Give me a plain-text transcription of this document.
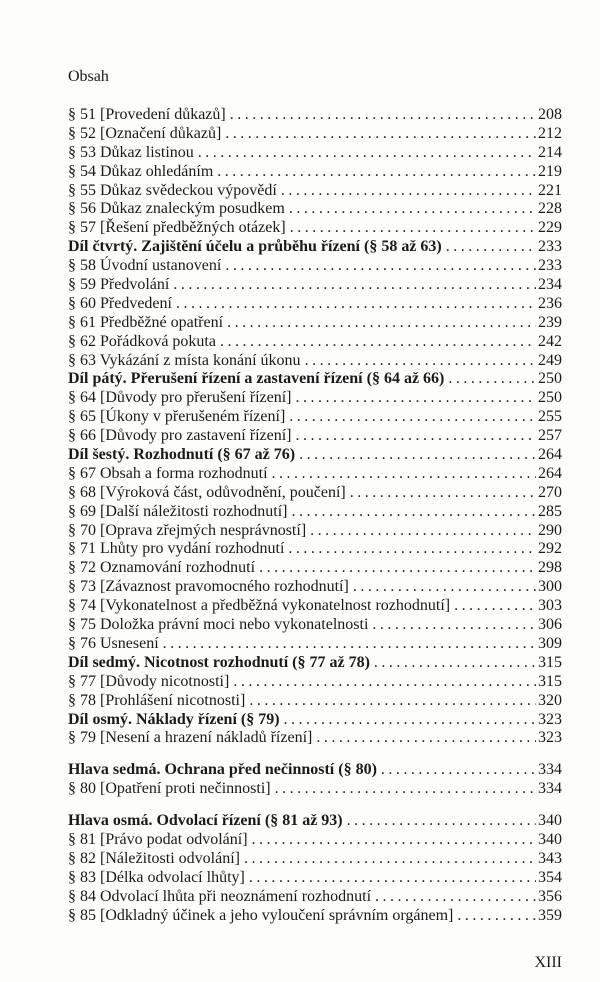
Obsah
§ 51 [Provedení důkazů] . . .	208
§ 52 [Označení důkazů] . . .	212
§ 53 Důkaz listinou . . .	214
§ 54 Důkaz ohledáním . . .	219
§ 55 Důkaz svědeckou výpovědí . . .	221
§ 56 Důkaz znaleckým posudkem . . .	228
§ 57 [Řešení předběžných otázek] . . .	229
Díl čtvrtý. Zajištění účelu a průběhu řízení (§ 58 až 63) . . .	233
§ 58 Úvodní ustanovení . . .	233
§ 59 Předvolání . . .	234
§ 60 Předvedení . . .	236
§ 61 Předběžné opatření . . .	239
§ 62 Pořádková pokuta . . .	242
§ 63 Vykázání z místa konání úkonu . . .	249
Díl pátý. Přerušení řízení a zastavení řízení (§ 64 až 66) . . .	250
§ 64 [Důvody pro přerušení řízení] . . .	250
§ 65 [Úkony v přerušeném řízení] . . .	255
§ 66 [Důvody pro zastavení řízení] . . .	257
Díl šestý. Rozhodnutí (§ 67 až 76) . . .	264
§ 67 Obsah a forma rozhodnutí . . .	264
§ 68 [Výroková část, odůvodnění, poučení] . . .	270
§ 69 [Další náležitosti rozhodnutí] . . .	285
§ 70 [Oprava zřejmých nesprávností] . . .	290
§ 71 Lhůty pro vydání rozhodnutí . . .	292
§ 72 Oznamování rozhodnutí . . .	298
§ 73 [Závaznost pravomocného rozhodnutí] . . .	300
§ 74 [Vykonatelnost a předběžná vykonatelnost rozhodnutí] . . .	303
§ 75 Doložka právní moci nebo vykonatelnosti . . .	306
§ 76 Usnesení . . .	309
Díl sedmý. Nicotnost rozhodnutí (§ 77 až 78) . . .	315
§ 77 [Důvody nicotnosti] . . .	315
§ 78 [Prohlášení nicotnosti] . . .	320
Díl osmý. Náklady řízení (§ 79) . . .	323
§ 79 [Nesení a hrazení nákladů řízení] . . .	323
Hlava sedmá. Ochrana před nečinností (§ 80) . . .	334
§ 80 [Opatření proti nečinnosti] . . .	334
Hlava osmá. Odvolací řízení (§ 81 až 93) . . .	340
§ 81 [Právo podat odvolání] . . .	340
§ 82 [Náležitosti odvolání] . . .	343
§ 83 [Délka odvolací lhůty] . . .	354
§ 84 Odvolací lhůta při neoznámení rozhodnutí . . .	356
§ 85 [Odkladný účinek a jeho vyloučení správním orgánem] . . .	359
XIII
